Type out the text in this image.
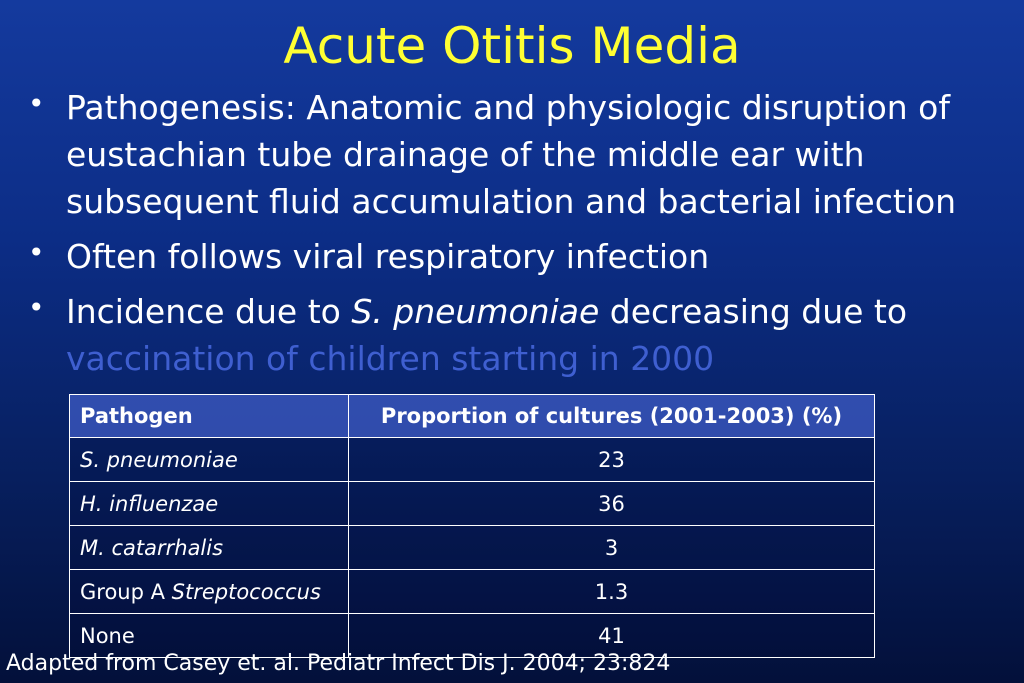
Acute Otitis Media
• Pathogenesis: Anatomic and physiologic disruption of eustachian tube drainage of the middle ear with subsequent fluid accumulation and bacterial infection
• Often follows viral respiratory infection
• Incidence due to S. pneumoniae decreasing due to
vaccination of children starting in 2000
Pathogen	Proportion of cultures (2001-2003) (%)
S. pneumoniae	23
H. influenzae	36
M. catarrhalis	3
Group A Streptococcus	1.3
None	41
Adapted from Casey et. al. Pediatr Infect Dis J. 2004; 23:824
